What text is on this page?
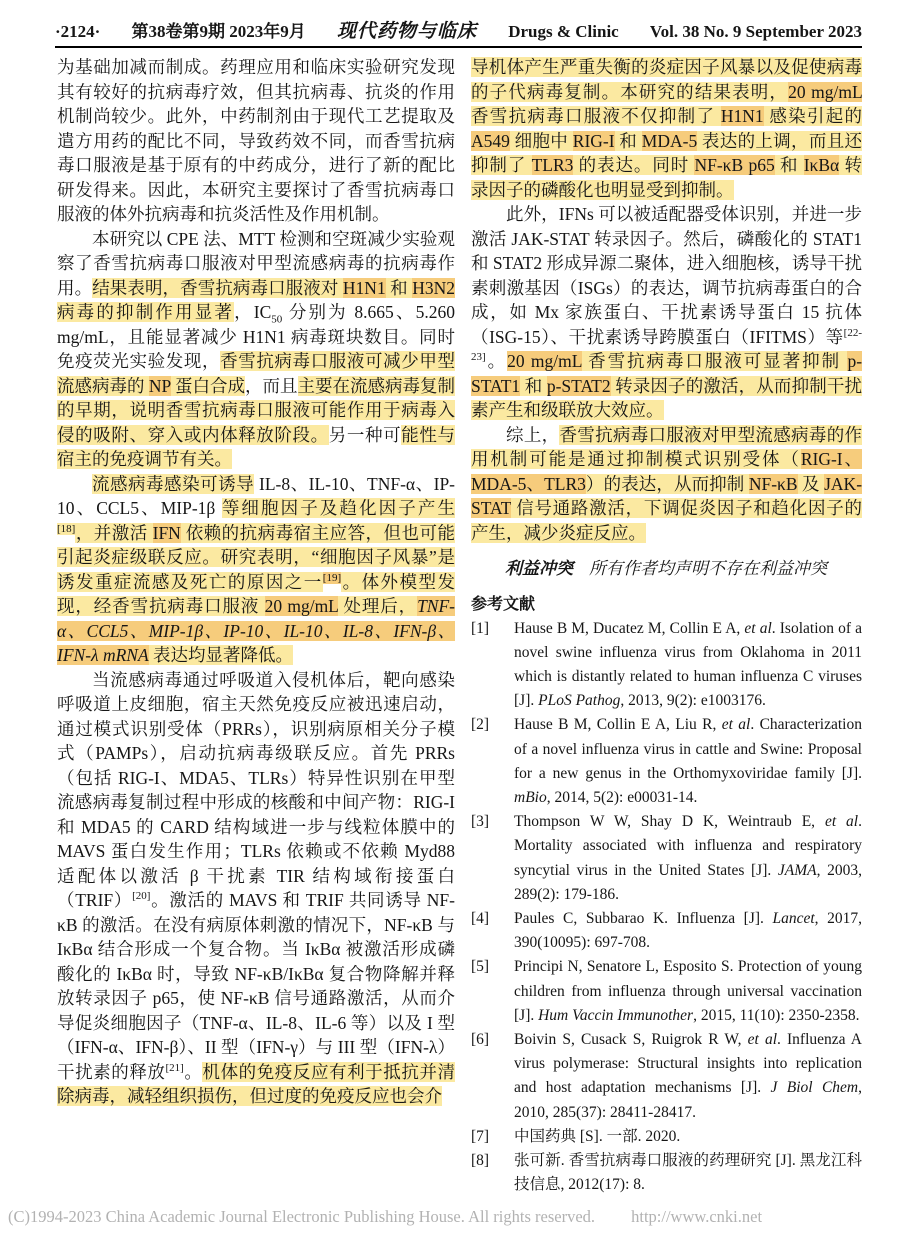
·2124· 第38卷第9期 2023年9月 现代药物与临床 Drugs & Clinic Vol. 38 No. 9 September 2023

为基础加减而制成。药理应用和临床实验研究发现其有较好的抗病毒疗效，但其抗病毒、抗炎的作用机制尚较少。此外，中药制剂由于现代工艺提取及遣方用药的配比不同，导致药效不同，而香雪抗病毒口服液是基于原有的中药成分，进行了新的配比研发得来。因此，本研究主要探讨了香雪抗病毒口服液的体外抗病毒和抗炎活性及作用机制。

本研究以 CPE 法、MTT 检测和空斑减少实验观察了香雪抗病毒口服液对甲型流感病毒的抗病毒作用。结果表明，香雪抗病毒口服液对 H1N1 和 H3N2 病毒的抑制作用显著，$IC_{50}$ 分别为 8.665、5.260 mg/mL，且能显著减少 H1N1 病毒斑块数目。同时免疫荧光实验发现，香雪抗病毒口服液可减少甲型流感病毒的 NP 蛋白合成，而且主要在流感病毒复制的早期，说明香雪抗病毒口服液可能作用于病毒入侵的吸附、穿入或内体释放阶段。另一种可能性与宿主的免疫调节有关。

流感病毒感染可诱导 IL-8、IL-10、TNF-α、IP-10、CCL5、MIP-1β 等细胞因子及趋化因子产生[18]，并激活 IFN 依赖的抗病毒宿主应答，但也可能引起炎症级联反应。研究表明，“细胞因子风暴”是诱发重症流感及死亡的原因之一[19]。体外模型发现，经香雪抗病毒口服液 20 mg/mL 处理后，TNF-α、CCL5、MIP-1β、IP-10、IL-10、IL-8、IFN-β、IFN-λ mRNA 表达均显著降低。

当流感病毒通过呼吸道入侵机体后，靶向感染呼吸道上皮细胞，宿主天然免疫反应被迅速启动，通过模式识别受体（PRRs），识别病原相关分子模式（PAMPs），启动抗病毒级联反应。首先 PRRs（包括 RIG-I、MDA5、TLRs）特异性识别在甲型流感病毒复制过程中形成的核酸和中间产物：RIG-I 和 MDA5 的 CARD 结构域进一步与线粒体膜中的 MAVS 蛋白发生作用；TLRs 依赖或不依赖 Myd88 适配体以激活 β 干扰素 TIR 结构域衔接蛋白（TRIF）[20]。激活的 MAVS 和 TRIF 共同诱导 NF-κB 的激活。在没有病原体刺激的情况下，NF-κB 与 IκBα 结合形成一个复合物。当 IκBα 被激活形成磷酸化的 IκBα 时，导致 NF-κB/IκBα 复合物降解并释放转录因子 p65，使 NF-κB 信号通路激活，从而介导促炎细胞因子（TNF-α、IL-8、IL-6 等）以及 I 型（IFN-α、IFN-β）、II 型（IFN-γ）与 III 型（IFN-λ）干扰素的释放[21]。机体的免疫反应有利于抵抗并清除病毒，减轻组织损伤，但过度的免疫反应也会介

导机体产生严重失衡的炎症因子风暴以及促使病毒的子代病毒复制。本研究的结果表明，20 mg/mL 香雪抗病毒口服液不仅抑制了 H1N1 感染引起的 A549 细胞中 RIG-I 和 MDA-5 表达的上调，而且还抑制了 TLR3 的表达。同时 NF-κB p65 和 IκBα 转录因子的磷酸化也明显受到抑制。

此外，IFNs 可以被适配器受体识别，并进一步激活 JAK-STAT 转录因子。然后，磷酸化的 STAT1 和 STAT2 形成异源二聚体，进入细胞核，诱导干扰素刺激基因（ISGs）的表达，调节抗病毒蛋白的合成，如 Mx 家族蛋白、干扰素诱导蛋白 15 抗体（ISG-15）、干扰素诱导跨膜蛋白（IFITMS）等[22-23]。20 mg/mL 香雪抗病毒口服液可显著抑制 p-STAT1 和 p-STAT2 转录因子的激活，从而抑制干扰素产生和级联放大效应。

综上，香雪抗病毒口服液对甲型流感病毒的作用机制可能是通过抑制模式识别受体（RIG-I、MDA-5、TLR3）的表达，从而抑制 NF-κB 及 JAK-STAT 信号通路激活，下调促炎因子和趋化因子的产生，减少炎症反应。

利益冲突 所有作者均声明不存在利益冲突
参考文献
[1]	Hause B M, Ducatez M, Collin E A, et al. Isolation of a novel swine influenza virus from Oklahoma in 2011 which is distantly related to human influenza C viruses [J]. PLoS Pathog, 2013, 9(2): e1003176.
[2]	Hause B M, Collin E A, Liu R, et al. Characterization of a novel influenza virus in cattle and Swine: Proposal for a new genus in the Orthomyxoviridae family [J]. mBio, 2014, 5(2): e00031-14.
[3]	Thompson W W, Shay D K, Weintraub E, et al. Mortality associated with influenza and respiratory syncytial virus in the United States [J]. JAMA, 2003, 289(2): 179-186.
[4]	Paules C, Subbarao K. Influenza [J]. Lancet, 2017, 390(10095): 697-708.
[5]	Principi N, Senatore L, Esposito S. Protection of young children from influenza through universal vaccination [J]. Hum Vaccin Immunother, 2015, 11(10): 2350-2358.
[6]	Boivin S, Cusack S, Ruigrok R W, et al. Influenza A virus polymerase: Structural insights into replication and host adaptation mechanisms [J]. J Biol Chem, 2010, 285(37): 28411-28417.
[7]	中国药典 [S]. 一部. 2020.
[8]	张可新. 香雪抗病毒口服液的药理研究 [J]. 黑龙江科技信息, 2012(17): 8.
(C)1994-2023 China Academic Journal Electronic Publishing House. All rights reserved. http://www.cnki.net
